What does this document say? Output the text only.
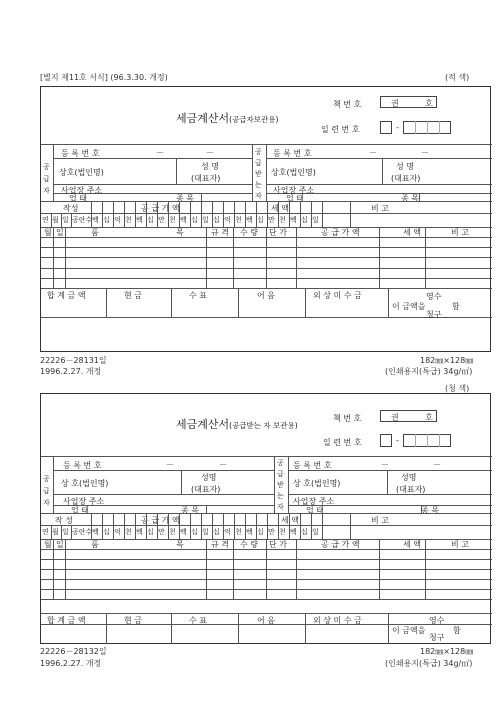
[별지 제11호 서식] (96.3.30. 개정)	(적 색)
세금계산서(공급자보관용)
책 번 호	권	호
일 련 번 호	-
공
급
자
공
급
받
는
자
등 록 번 호	－	－
상호(법인명)
성 명
(대표자)
사업장 주소
업 태	종 목
등 록 번 호	－	－
상호(법인명)
성 명
(대표자)
사업장 주소
업 태	종 목
작성	공 급 가 액	세 액	비 고
연 월 일 공란수 백 십 억 천 백 십 만 천 백 십 일 십 억 천 백 십 만 천 백 십 일
월 일	품	목	규 격 수 량 단 가	공 급 가 액	세 액	비 고
합 계 금 액	현 금	수 표	어 음	외 상 미 수 금
이 금액을
영수
청구
함
22226－28131일	182㎜×128㎜
1996.2.27. 개정	(인쇄용지(특급) 34g/㎡)
(청 색)
세금계산서(공급받는 자 보관용)
책 번 호	권	호
일 련 번 호	-
공
급
자
공
급
받
는
자
등 록 번 호	－	－
상 호(법인명)
성명
(대표자)
사업장 주소
업 태	종 목
등 록 번 호	－	－
상 호(법인명)
성명
(대표자)
사업장 주소
업 태	종 목
작 성	공 급 가 액	세 액	비 고
연 월 일 공란수 백 십 억 천 백 십 만 천 백 십 일 십 억 천 백 십 만 천 백 십 일
월 일	품	목	규 격 수 량 단 가	공 급 가 액	세 액	비 고
합 계 금 액	현 금	수 표	어 음	외 상 미 수 금
이 금액을
영수
청구
함
22226－28132일	182㎜×128㎜
1996.2.27. 개정	(인쇄용지(특급) 34g/㎡)
